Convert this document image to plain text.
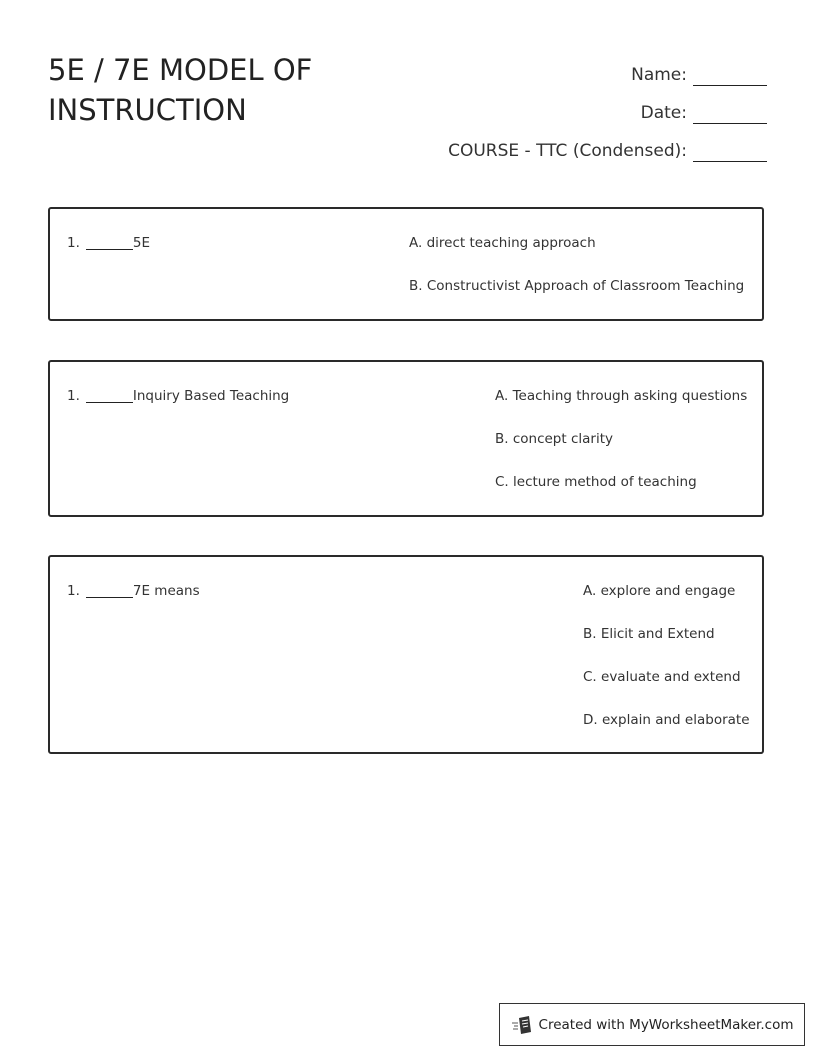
5E / 7E MODEL OF INSTRUCTION
Name:
Date:
COURSE - TTC (Condensed):
1.	5E	A. direct teaching approach
B. Constructivist Approach of Classroom Teaching
1.	Inquiry Based Teaching	A. Teaching through asking questions
B. concept clarity
C. lecture method of teaching
1.	7E means	A. explore and engage
B. Elicit and Extend
C. evaluate and extend
D. explain and elaborate
Created with MyWorksheetMaker.com
